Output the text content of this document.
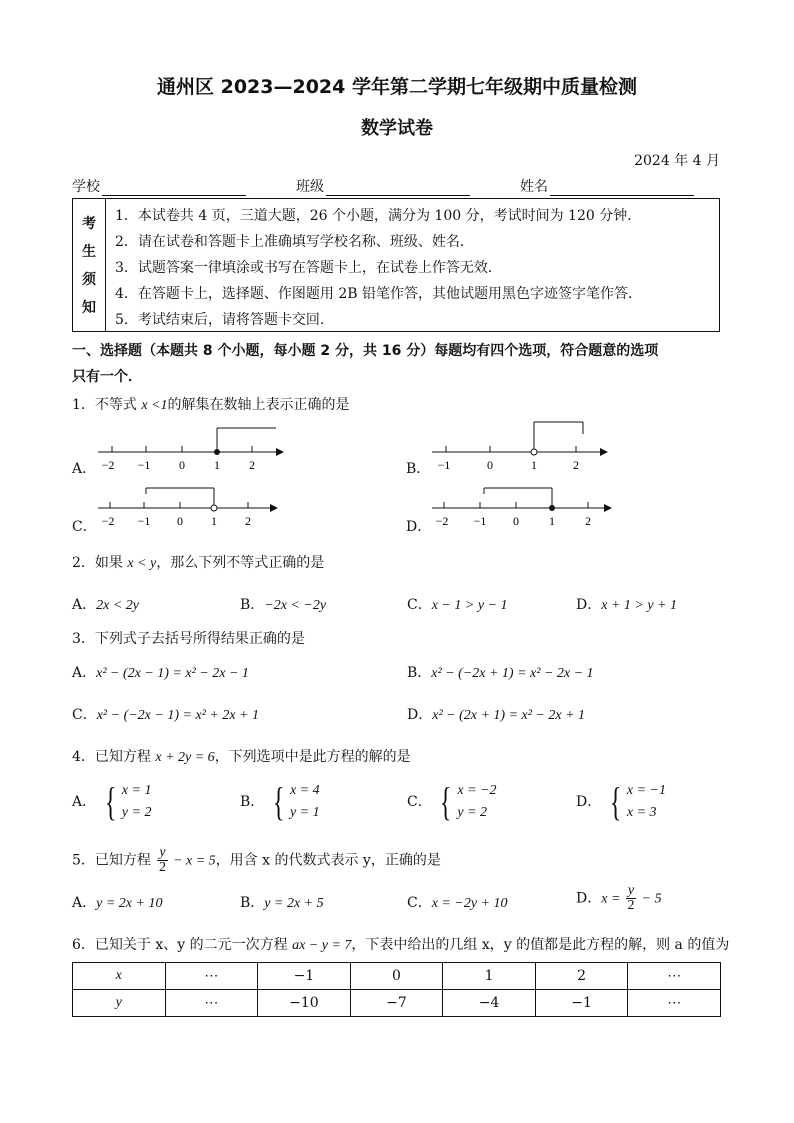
通州区 2023—2024 学年第二学期七年级期中质量检测
数学试卷
2024 年 4 月
学校	班级	姓名
考
生
须
知
1．本试卷共 4 页，三道大题，26 个小题，满分为 100 分，考试时间为 120 分钟．
2．请在试卷和答题卡上准确填写学校名称、班级、姓名．
3．试题答案一律填涂或书写在答题卡上，在试卷上作答无效．
4．在答题卡上，选择题、作图题用 2B 铅笔作答，其他试题用黑色字迹签字笔作答．
5．考试结束后，请将答题卡交回．
一、选择题（本题共 8 个小题，每小题 2 分，共 16 分）每题均有四个选项，符合题意的选项
只有一个．
1．不等式 x <1的解集在数轴上表示正确的是
A．	B．
C．	D．
−2 −1 0 1 2	−1	0	1	2
−2 −1 0 1 2	−2 −1 0	1	2
2．如果 x < y，那么下列不等式正确的是
A．2x < 2y	B．−2x < −2y	C．x − 1 > y − 1	D．x + 1 > y + 1
3．下列式子去括号所得结果正确的是
A．x² − (2x − 1) = x² − 2x − 1	B．x² − (−2x + 1) = x² − 2x − 1
C．x² − (−2x − 1) = x² + 2x + 1	D．x² − (2x + 1) = x² − 2x + 1
4．已知方程 x + 2y = 6，下列选项中是此方程的解的是
A． { x = 1
y = 2
B． { x = 4
y = 1
C． { x = −2
y = 2
D． { x = −1
x = 3
5．已知方程 $\frac{y}{2} - x = 5$，用含 x 的代数式表示 y，正确的是
A．y = 2x + 10	B．y = 2x + 5	C．x = −2y + 10	D．$x = \frac{y}{2} - 5$
6．已知关于 x、y 的二元一次方程 ax − y = 7，下表中给出的几组 x，y 的值都是此方程的解，则 a 的值为
x	⋯	−1	0	1	2	⋯
y	⋯	−10	−7	−4	−1	⋯
